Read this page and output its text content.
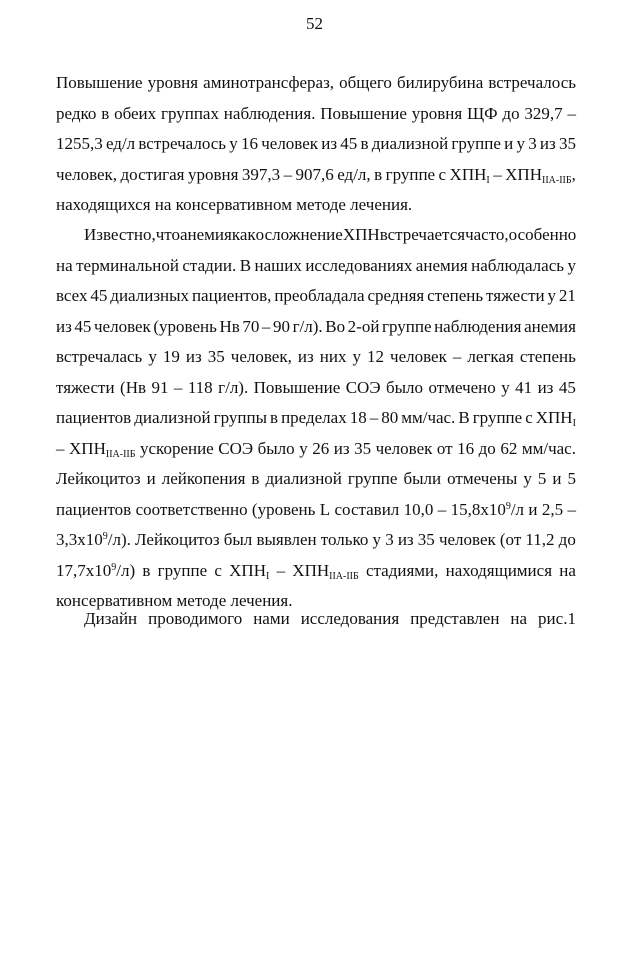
52
Повышение уровня аминотрансфераз, общего билирубина встречалось
редко в обеих группах наблюдения. Повышение уровня ЩФ до 329,7 –
1255,3 ед/л встречалось у 16 человек из 45 в диализной группе и у 3 из 35
человек, достигая уровня 397,3 – 907,6 ед/л, в группе с $ХПН_I - ХПН_{IIA-IIБ}$,
находящихся на консервативном методе лечения.
Известно, что анемия как осложнение ХПН встречается часто, особенно
на терминальной стадии. В наших исследованиях анемия наблюдалась у
всех 45 диализных пациентов, преобладала средняя степень тяжести у 21
из 45 человек (уровень Нв 70 – 90 г/л). Во 2-ой группе наблюдения анемия
встречалась у 19 из 35 человек, из них у 12 человек – легкая степень
тяжести (Нв 91 – 118 г/л). Повышение СОЭ было отмечено у 41 из 45
пациентов диализной группы в пределах 18 – 80 мм/час. В группе с $ХПН_I$
– $ХПН_{IIA-IIБ}$ ускорение СОЭ было у 26 из 35 человек от 16 до 62 мм/час.
Лейкоцитоз и лейкопения в диализной группе были отмечены у 5 и 5
пациентов соответственно (уровень L составил $10,0 - 15,8x10^9/л$ и 2,5 –
$3,3x10^9/л$). Лейкоцитоз был выявлен только у 3 из 35 человек (от 11,2 до
$17,7x10^9/л$) в группе с $ХПН_I - ХПН_{IIA-IIБ}$ стадиями, находящимися на
консервативном методе лечения.
Дизайн проводимого нами исследования представлен на рис.1
